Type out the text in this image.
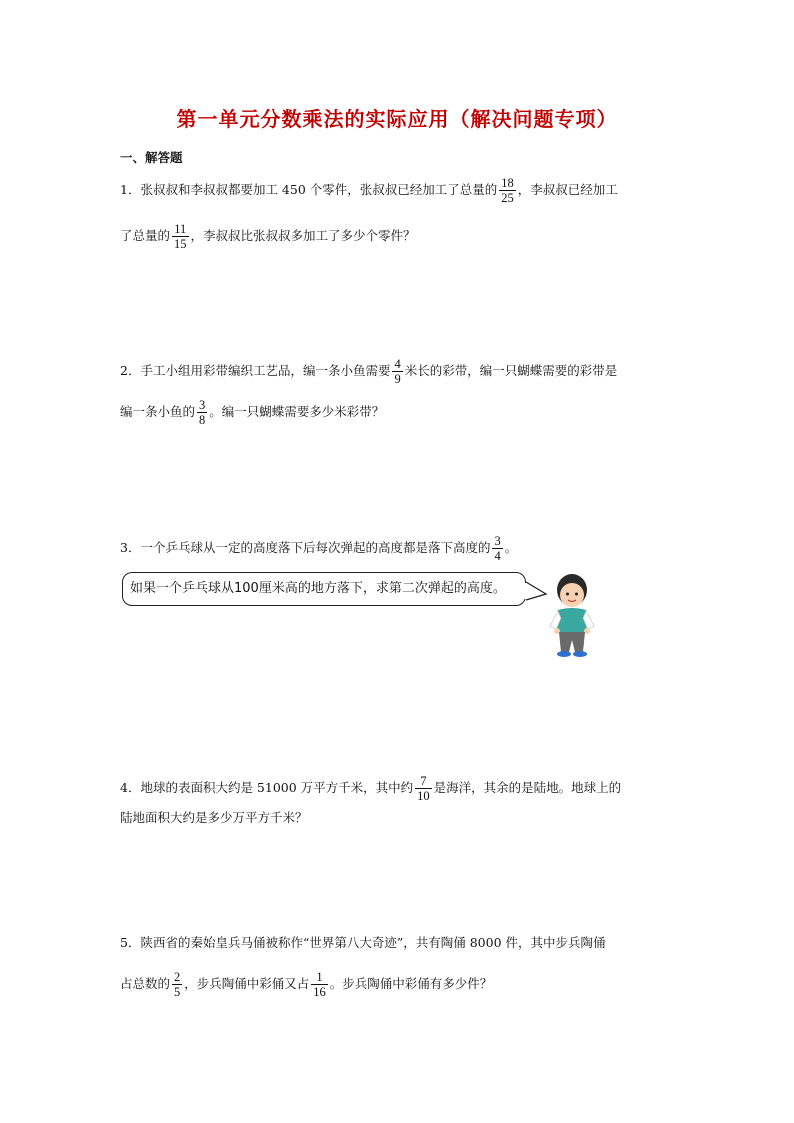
第一单元分数乘法的实际应用（解决问题专项）
一、解答题
1．张叔叔和李叔叔都要加工 450 个零件，张叔叔已经加工了总量的 $\frac{18}{25}$ ，李叔叔已经加工
了总量的 $\frac{11}{15}$ ，李叔叔比张叔叔多加工了多少个零件？
2．手工小组用彩带编织工艺品，编一条小鱼需要 $\frac{4}{9}$ 米长的彩带，编一只蝴蝶需要的彩带是
编一条小鱼的 $\frac{3}{8}$ 。编一只蝴蝶需要多少米彩带？
3．一个乒乓球从一定的高度落下后每次弹起的高度都是落下高度的 $\frac{3}{4}$ 。
如果一个乒乓球从100厘米高的地方落下，求第二次弹起的高度。
4．地球的表面积大约是 51000 万平方千米，其中约 $\frac{7}{10}$ 是海洋，其余的是陆地。地球上的
陆地面积大约是多少万平方千米？
5．陕西省的秦始皇兵马俑被称作“世界第八大奇迹”，共有陶俑 8000 件，其中步兵陶俑
占总数的 $\frac{2}{5}$ ，步兵陶俑中彩俑又占 $\frac{1}{16}$ 。步兵陶俑中彩俑有多少件？
